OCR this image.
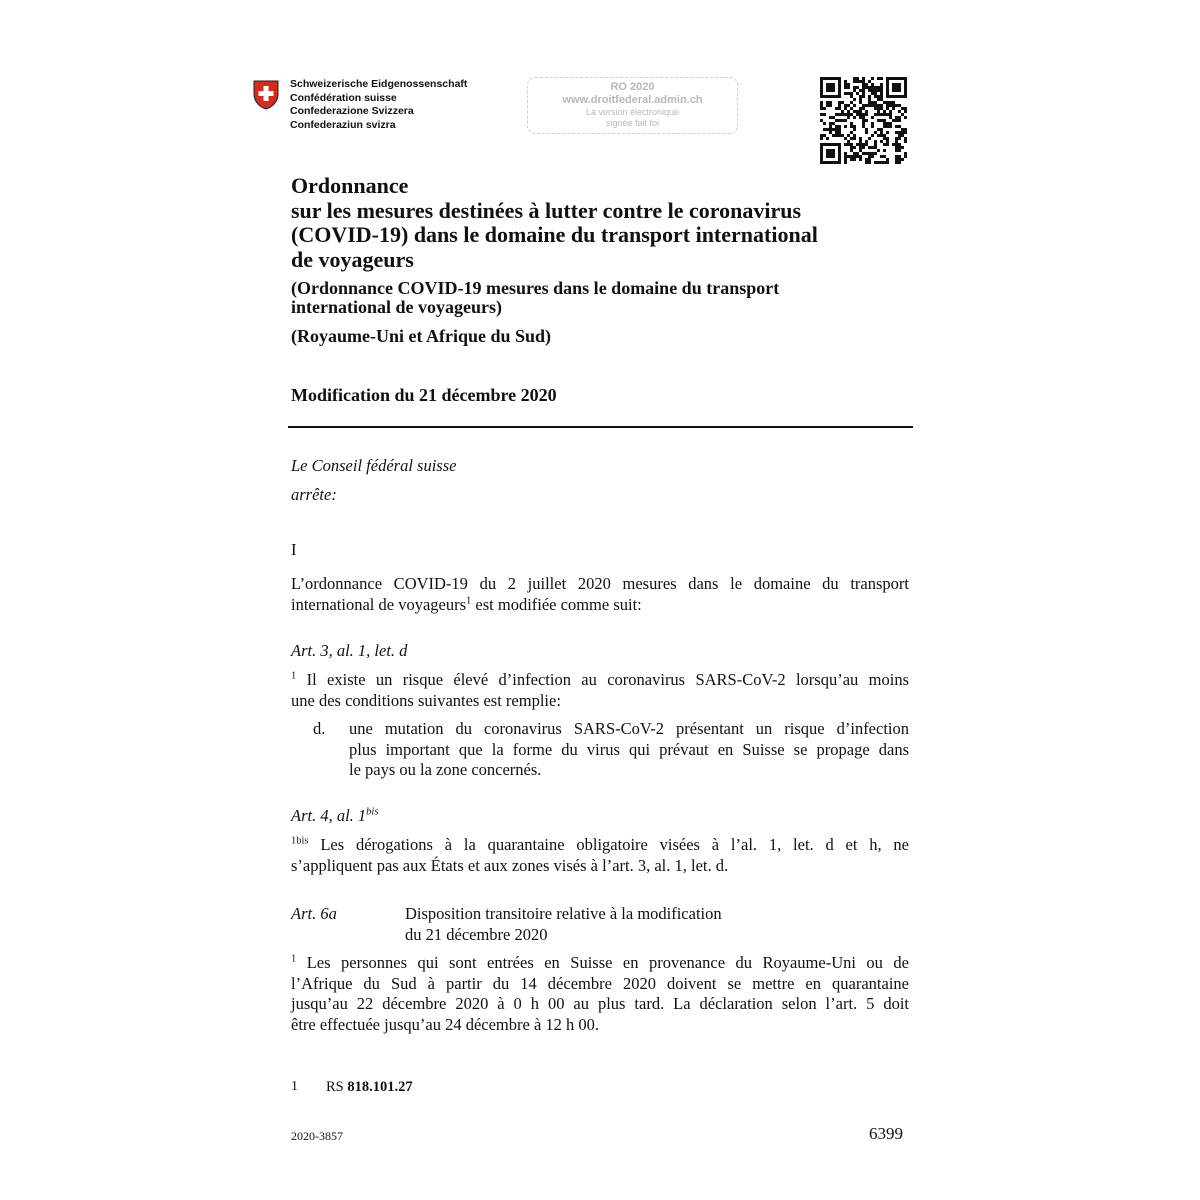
Schweizerische Eidgenossenschaft
Confédération suisse
Confederazione Svizzera
Confederaziun svizra
RO 2020
www.droitfederal.admin.ch
La version électronique
signée fait foi
Ordonnance
sur les mesures destinées à lutter contre le coronavirus
(COVID-19) dans le domaine du transport international
de voyageurs
(Ordonnance COVID-19 mesures dans le domaine du transport
international de voyageurs)
(Royaume-Uni et Afrique du Sud)
Modification du 21 décembre 2020
Le Conseil fédéral suisse
arrête:
I
L’ordonnance COVID-19 du 2 juillet 2020 mesures dans le domaine du transport
international de voyageurs$^1$ est modifiée comme suit:
Art. 3, al. 1, let. d
$^1$ Il existe un risque élevé d’infection au coronavirus SARS-CoV-2 lorsqu’au moins
une des conditions suivantes est remplie:
d. une mutation du coronavirus SARS-CoV-2 présentant un risque d’infection
plus important que la forme du virus qui prévaut en Suisse se propage dans
le pays ou la zone concernés.
Art. 4, al. $1^{bis}$
$^{1bis}$ Les dérogations à la quarantaine obligatoire visées à l’al. 1, let. d et h, ne
s’appliquent pas aux États et aux zones visés à l’art. 3, al. 1, let. d.
Art. 6a	Disposition transitoire relative à la modification
du 21 décembre 2020
$^1$ Les personnes qui sont entrées en Suisse en provenance du Royaume-Uni ou de
l’Afrique du Sud à partir du 14 décembre 2020 doivent se mettre en quarantaine
jusqu’au 22 décembre 2020 à 0 h 00 au plus tard. La déclaration selon l’art. 5 doit
être effectuée jusqu’au 24 décembre à 12 h 00.
1 RS 818.101.27
2020-3857	6399
